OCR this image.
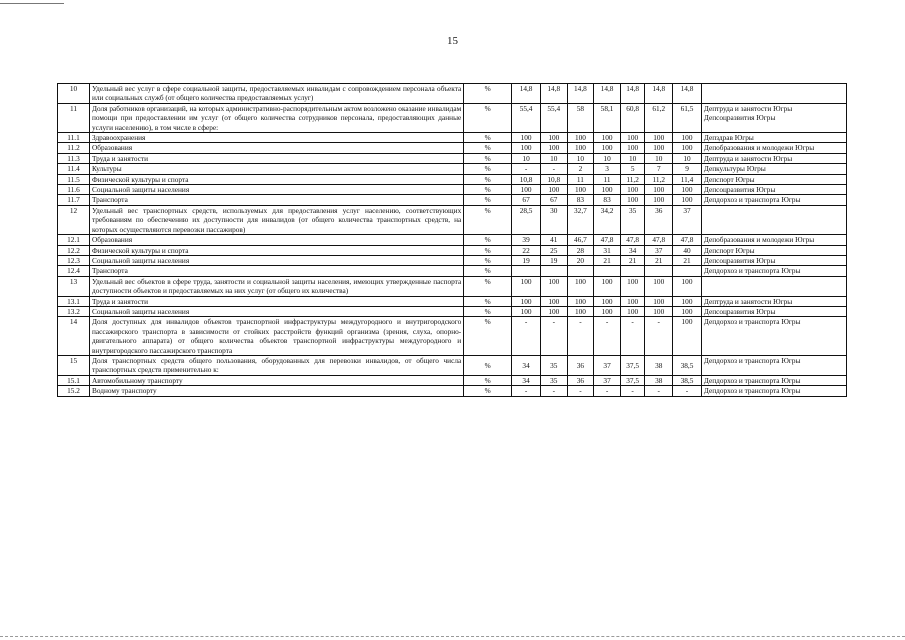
15
10	Удельный вес услуг в сфере социальной защиты, предоставляемых инвалидам с сопровождением персонала объекта или социальных служб (от общего количества предоставляемых услуг)	%	14,8	14,8	14,8	14,8	14,8	14,8	14,8	
11	Доля работников организаций, на которых административно-распорядительным актом возложено оказание инвалидам помощи при предоставлении им услуг (от общего количества сотрудников персонала, предоставляющих данные услуги населению), в том числе в сфере:	%	55,4	55,4	58	58,1	60,8	61,2	61,5	Дептруда и занятости Югры Депсоцразвития Югры
11.1	Здравоохранения	%	100	100	100	100	100	100	100	Депздрав Югры
11.2	Образования	%	100	100	100	100	100	100	100	Депобразования и молодежи Югры
11.3	Труда и занятости	%	10	10	10	10	10	10	10	Дептруда и занятости Югры
11.4	Культуры	%	-	-	2	3	5	7	9	Депкультуры Югры
11.5	Физической культуры и спорта	%	10,8	10,8	11	11	11,2	11,2	11,4	Депспорт Югры
11.6	Социальной защиты населения	%	100	100	100	100	100	100	100	Депсоцразвития Югры
11.7	Транспорта	%	67	67	83	83	100	100	100	Депдорхоз и транспорта Югры
12	Удельный вес транспортных средств, используемых для предоставления услуг населению, соответствующих требованиям по обеспечению их доступности для инвалидов (от общего количества транспортных средств, на которых осуществляются перевозки пассажиров)	%	28,5	30	32,7	34,2	35	36	37	
12.1	Образования	%	39	41	46,7	47,8	47,8	47,8	47,8	Депобразования и молодежи Югры
12.2	Физической культуры и спорта	%	22	25	28	31	34	37	40	Депспорт Югры
12.3	Социальной защиты населения	%	19	19	20	21	21	21	21	Депсоцразвития Югры
12.4	Транспорта	%								Депдорхоз и транспорта Югры
13	Удельный вес объектов в сфере труда, занятости и социальной защиты населения, имеющих утвержденные паспорта доступности объектов и предоставляемых на них услуг (от общего их количества)	%	100	100	100	100	100	100	100	
13.1	Труда и занятости	%	100	100	100	100	100	100	100	Дептруда и занятости Югры
13.2	Социальной защиты населения	%	100	100	100	100	100	100	100	Депсоцразвития Югры
14	Доля доступных для инвалидов объектов транспортной инфраструктуры междугородного и внутригородского пассажирского транспорта в зависимости от стойких расстройств функций организма (зрения, слуха, опорно-двигательного аппарата) от общего количества объектов транспортной инфраструктуры междугородного и внутригородского пассажирского транспорта	%	-	-	-	-	-	-	100	Депдорхоз и транспорта Югры
15	Доля транспортных средств общего пользования, оборудованных для перевозки инвалидов, от общего числа транспортных средств применительно к:	%	34	35	36	37	37,5	38	38,5	Депдорхоз и транспорта Югры
15.1	Автомобильному транспорту	%	34	35	36	37	37,5	38	38,5	Депдорхоз и транспорта Югры
15.2	Водному транспорту	%	-	-	-	-	-	-	-	Депдорхоз и транспорта Югры
